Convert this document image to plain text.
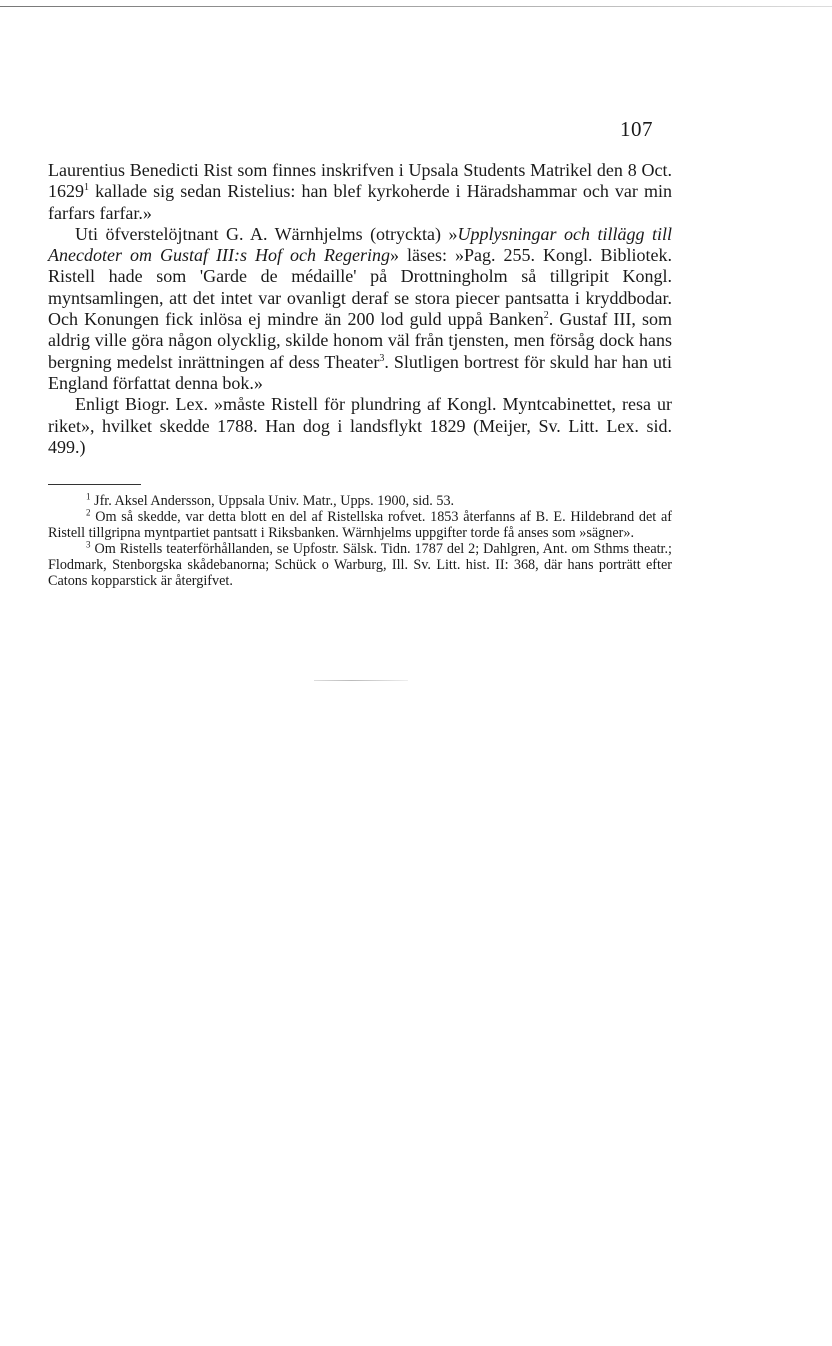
107

Laurentius Benedicti Rist som finnes inskrifven i Upsala Students Matrikel den 8 Oct. 1629$^1$ kallade sig sedan Ristelius: han blef kyrkoherde i Häradshammar och var min farfars farfar.»

Uti öfverstelöjtnant G. A. Wärnhjelms (otryckta) »Upplysningar och tillägg till Anecdoter om Gustaf III:s Hof och Regering» läses: »Pag. 255. Kongl. Bibliotek. Ristell hade som 'Garde de médaille' på Drottningholm så tillgripit Kongl. myntsamlingen, att det intet var ovanligt deraf se stora piecer pantsatta i kryddbodar. Och Konungen fick inlösa ej mindre än 200 lod guld uppå Banken$^2$. Gustaf III, som aldrig ville göra någon olycklig, skilde honom väl från tjensten, men försåg dock hans bergning medelst inrättningen af dess Theater$^3$. Slutligen bortrest för skuld har han uti England författat denna bok.»

Enligt Biogr. Lex. »måste Ristell för plundring af Kongl. Myntcabinettet, resa ur riket», hvilket skedde 1788. Han dog i landsflykt 1829 (Meijer, Sv. Litt. Lex. sid. 499.)

$^1$ Jfr. Aksel Andersson, Uppsala Univ. Matr., Upps. 1900, sid. 53.

$^2$ Om så skedde, var detta blott en del af Ristellska rofvet. 1853 återfanns af B. E. Hildebrand det af Ristell tillgripna myntpartiet pantsatt i Riksbanken. Wärnhjelms uppgifter torde få anses som »sägner».

$^3$ Om Ristells teaterförhållanden, se Upfostr. Sälsk. Tidn. 1787 del 2; Dahlgren, Ant. om Sthms theatr.; Flodmark, Stenborgska skådebanorna; Schück o Warburg, Ill. Sv. Litt. hist. II: 368, där hans porträtt efter Catons kopparstick är återgifvet.
